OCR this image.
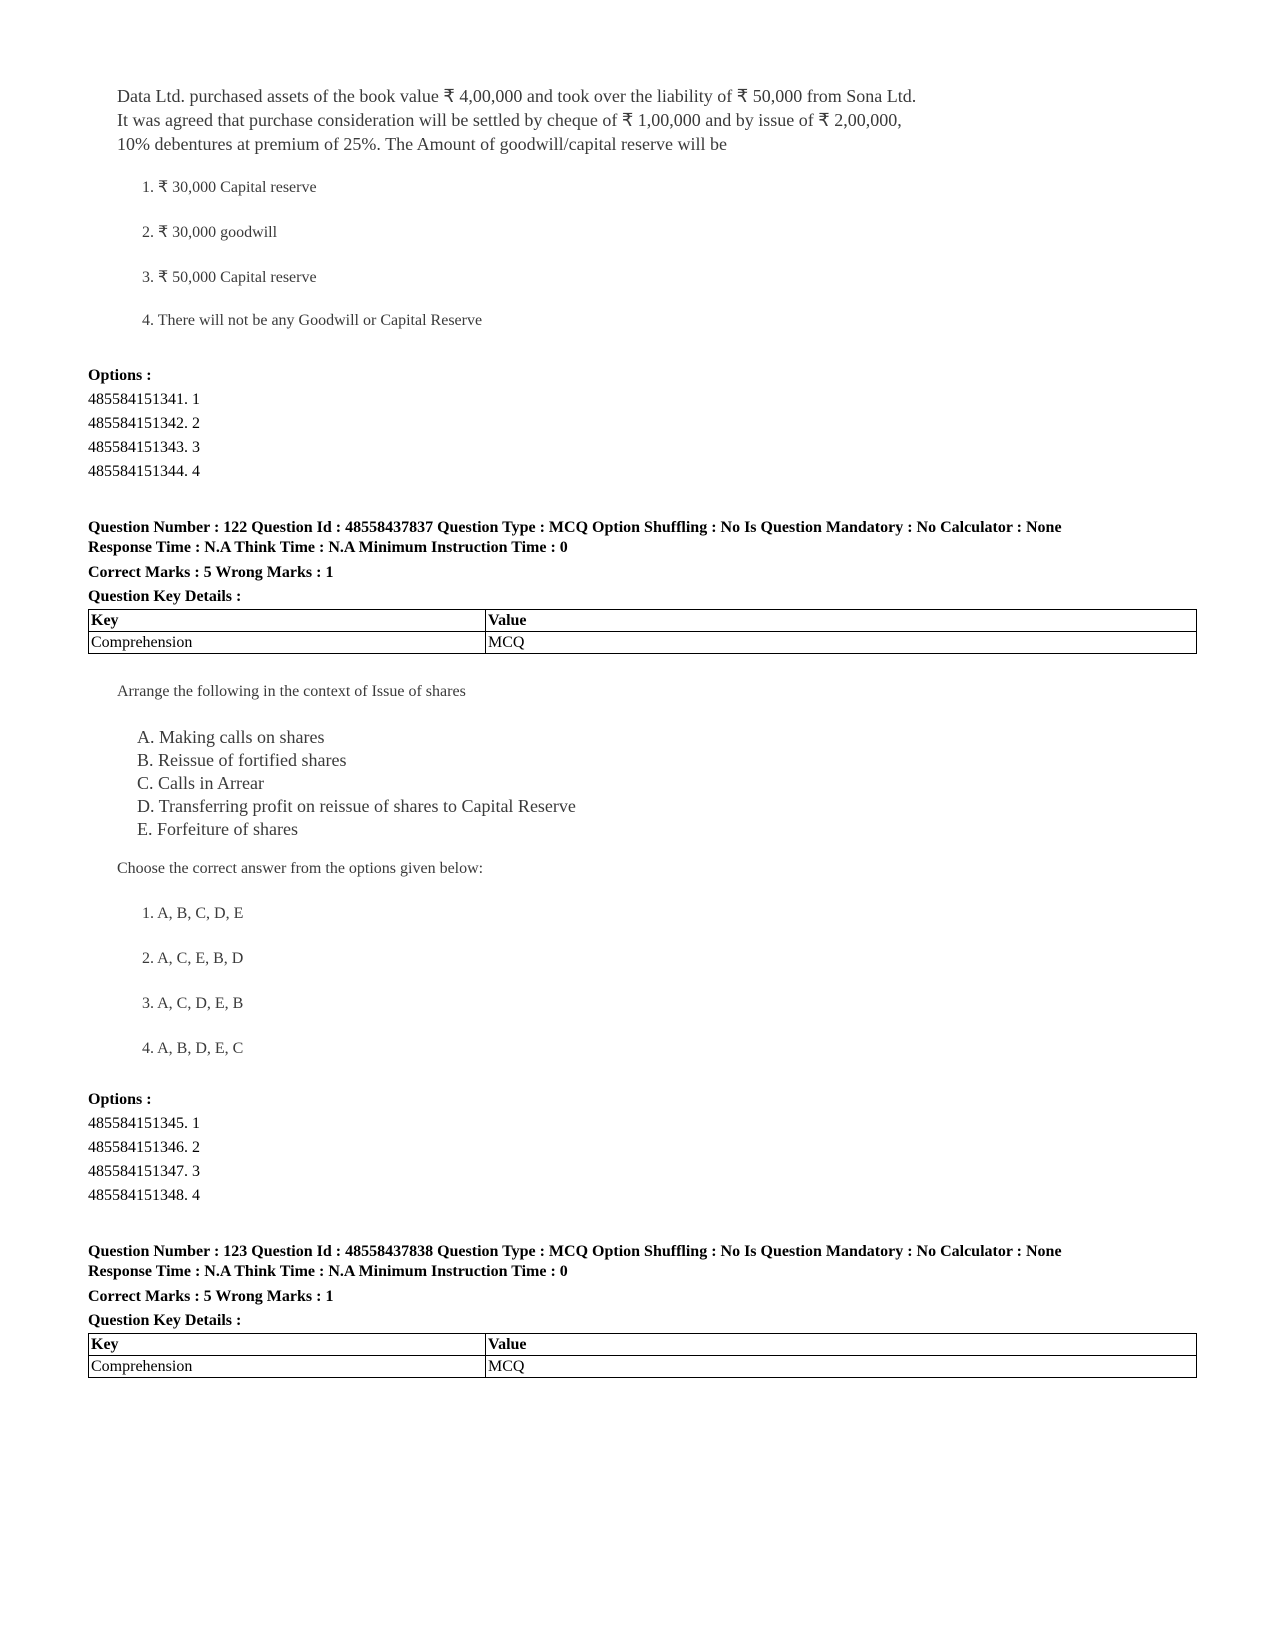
Data Ltd. purchased assets of the book value ₹ 4,00,000 and took over the liability of ₹ 50,000 from Sona Ltd.
It was agreed that purchase consideration will be settled by cheque of ₹ 1,00,000 and by issue of ₹ 2,00,000,
10% debentures at premium of 25%. The Amount of goodwill/capital reserve will be
1. ₹ 30,000 Capital reserve
2. ₹ 30,000 goodwill
3. ₹ 50,000 Capital reserve
4. There will not be any Goodwill or Capital Reserve
Options :
485584151341. 1
485584151342. 2
485584151343. 3
485584151344. 4
Question Number : 122 Question Id : 48558437837 Question Type : MCQ Option Shuffling : No Is Question Mandatory : No Calculator : None
Response Time : N.A Think Time : N.A Minimum Instruction Time : 0
Correct Marks : 5 Wrong Marks : 1
Question Key Details :
Key	Value
Comprehension	MCQ
Arrange the following in the context of Issue of shares
A. Making calls on shares
B. Reissue of fortified shares
C. Calls in Arrear
D. Transferring profit on reissue of shares to Capital Reserve
E. Forfeiture of shares
Choose the correct answer from the options given below:
1. A, B, C, D, E
2. A, C, E, B, D
3. A, C, D, E, B
4. A, B, D, E, C
Options :
485584151345. 1
485584151346. 2
485584151347. 3
485584151348. 4
Question Number : 123 Question Id : 48558437838 Question Type : MCQ Option Shuffling : No Is Question Mandatory : No Calculator : None
Response Time : N.A Think Time : N.A Minimum Instruction Time : 0
Correct Marks : 5 Wrong Marks : 1
Question Key Details :
Key	Value
Comprehension	MCQ
